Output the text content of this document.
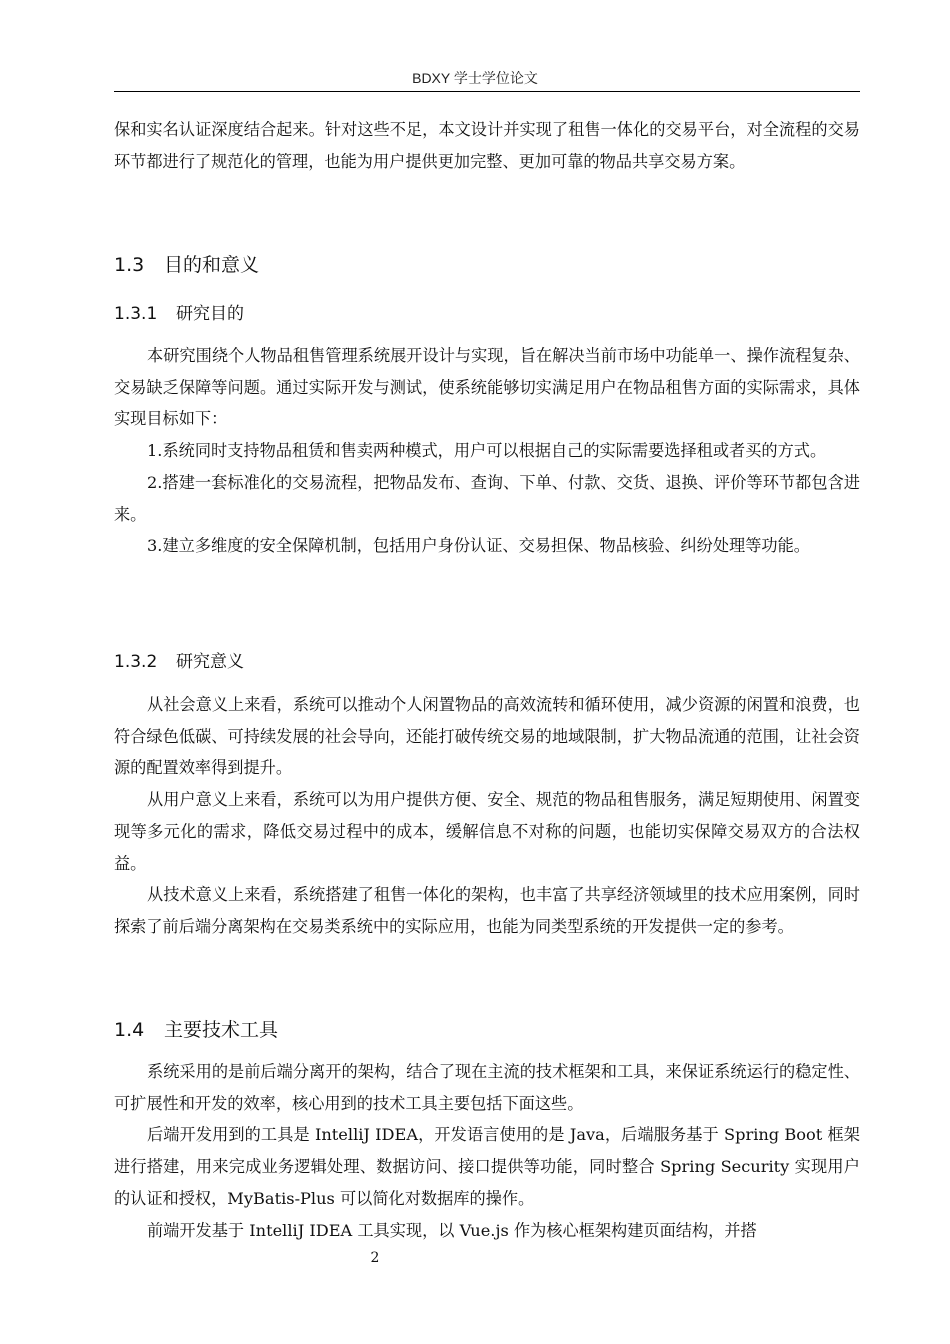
BDXY 学士学位论文

保和实名认证深度结合起来。针对这些不足，本文设计并实现了租售一体化的交易平台，对全流程的交易环节都进行了规范化的管理，也能为用户提供更加完整、更加可靠的物品共享交易方案。

1.3 目的和意义

1.3.1 研究目的

本研究围绕个人物品租售管理系统展开设计与实现，旨在解决当前市场中功能单一、操作流程复杂、交易缺乏保障等问题。通过实际开发与测试，使系统能够切实满足用户在物品租售方面的实际需求，具体实现目标如下：

1.系统同时支持物品租赁和售卖两种模式，用户可以根据自己的实际需要选择租或者买的方式。

2.搭建一套标准化的交易流程，把物品发布、查询、下单、付款、交货、退换、评价等环节都包含进来。

3.建立多维度的安全保障机制，包括用户身份认证、交易担保、物品核验、纠纷处理等功能。

1.3.2 研究意义

从社会意义上来看，系统可以推动个人闲置物品的高效流转和循环使用，减少资源的闲置和浪费，也符合绿色低碳、可持续发展的社会导向，还能打破传统交易的地域限制，扩大物品流通的范围，让社会资源的配置效率得到提升。

从用户意义上来看，系统可以为用户提供方便、安全、规范的物品租售服务，满足短期使用、闲置变现等多元化的需求，降低交易过程中的成本，缓解信息不对称的问题，也能切实保障交易双方的合法权益。

从技术意义上来看，系统搭建了租售一体化的架构，也丰富了共享经济领域里的技术应用案例，同时探索了前后端分离架构在交易类系统中的实际应用，也能为同类型系统的开发提供一定的参考。

1.4 主要技术工具

系统采用的是前后端分离开的架构，结合了现在主流的技术框架和工具，来保证系统运行的稳定性、可扩展性和开发的效率，核心用到的技术工具主要包括下面这些。

后端开发用到的工具是 IntelliJ IDEA，开发语言使用的是 Java，后端服务基于 Spring Boot 框架进行搭建，用来完成业务逻辑处理、数据访问、接口提供等功能，同时整合 Spring Security 实现用户的认证和授权，MyBatis-Plus 可以简化对数据库的操作。

前端开发基于 IntelliJ IDEA 工具实现，以 Vue.js 作为核心框架构建页面结构，并搭

2
